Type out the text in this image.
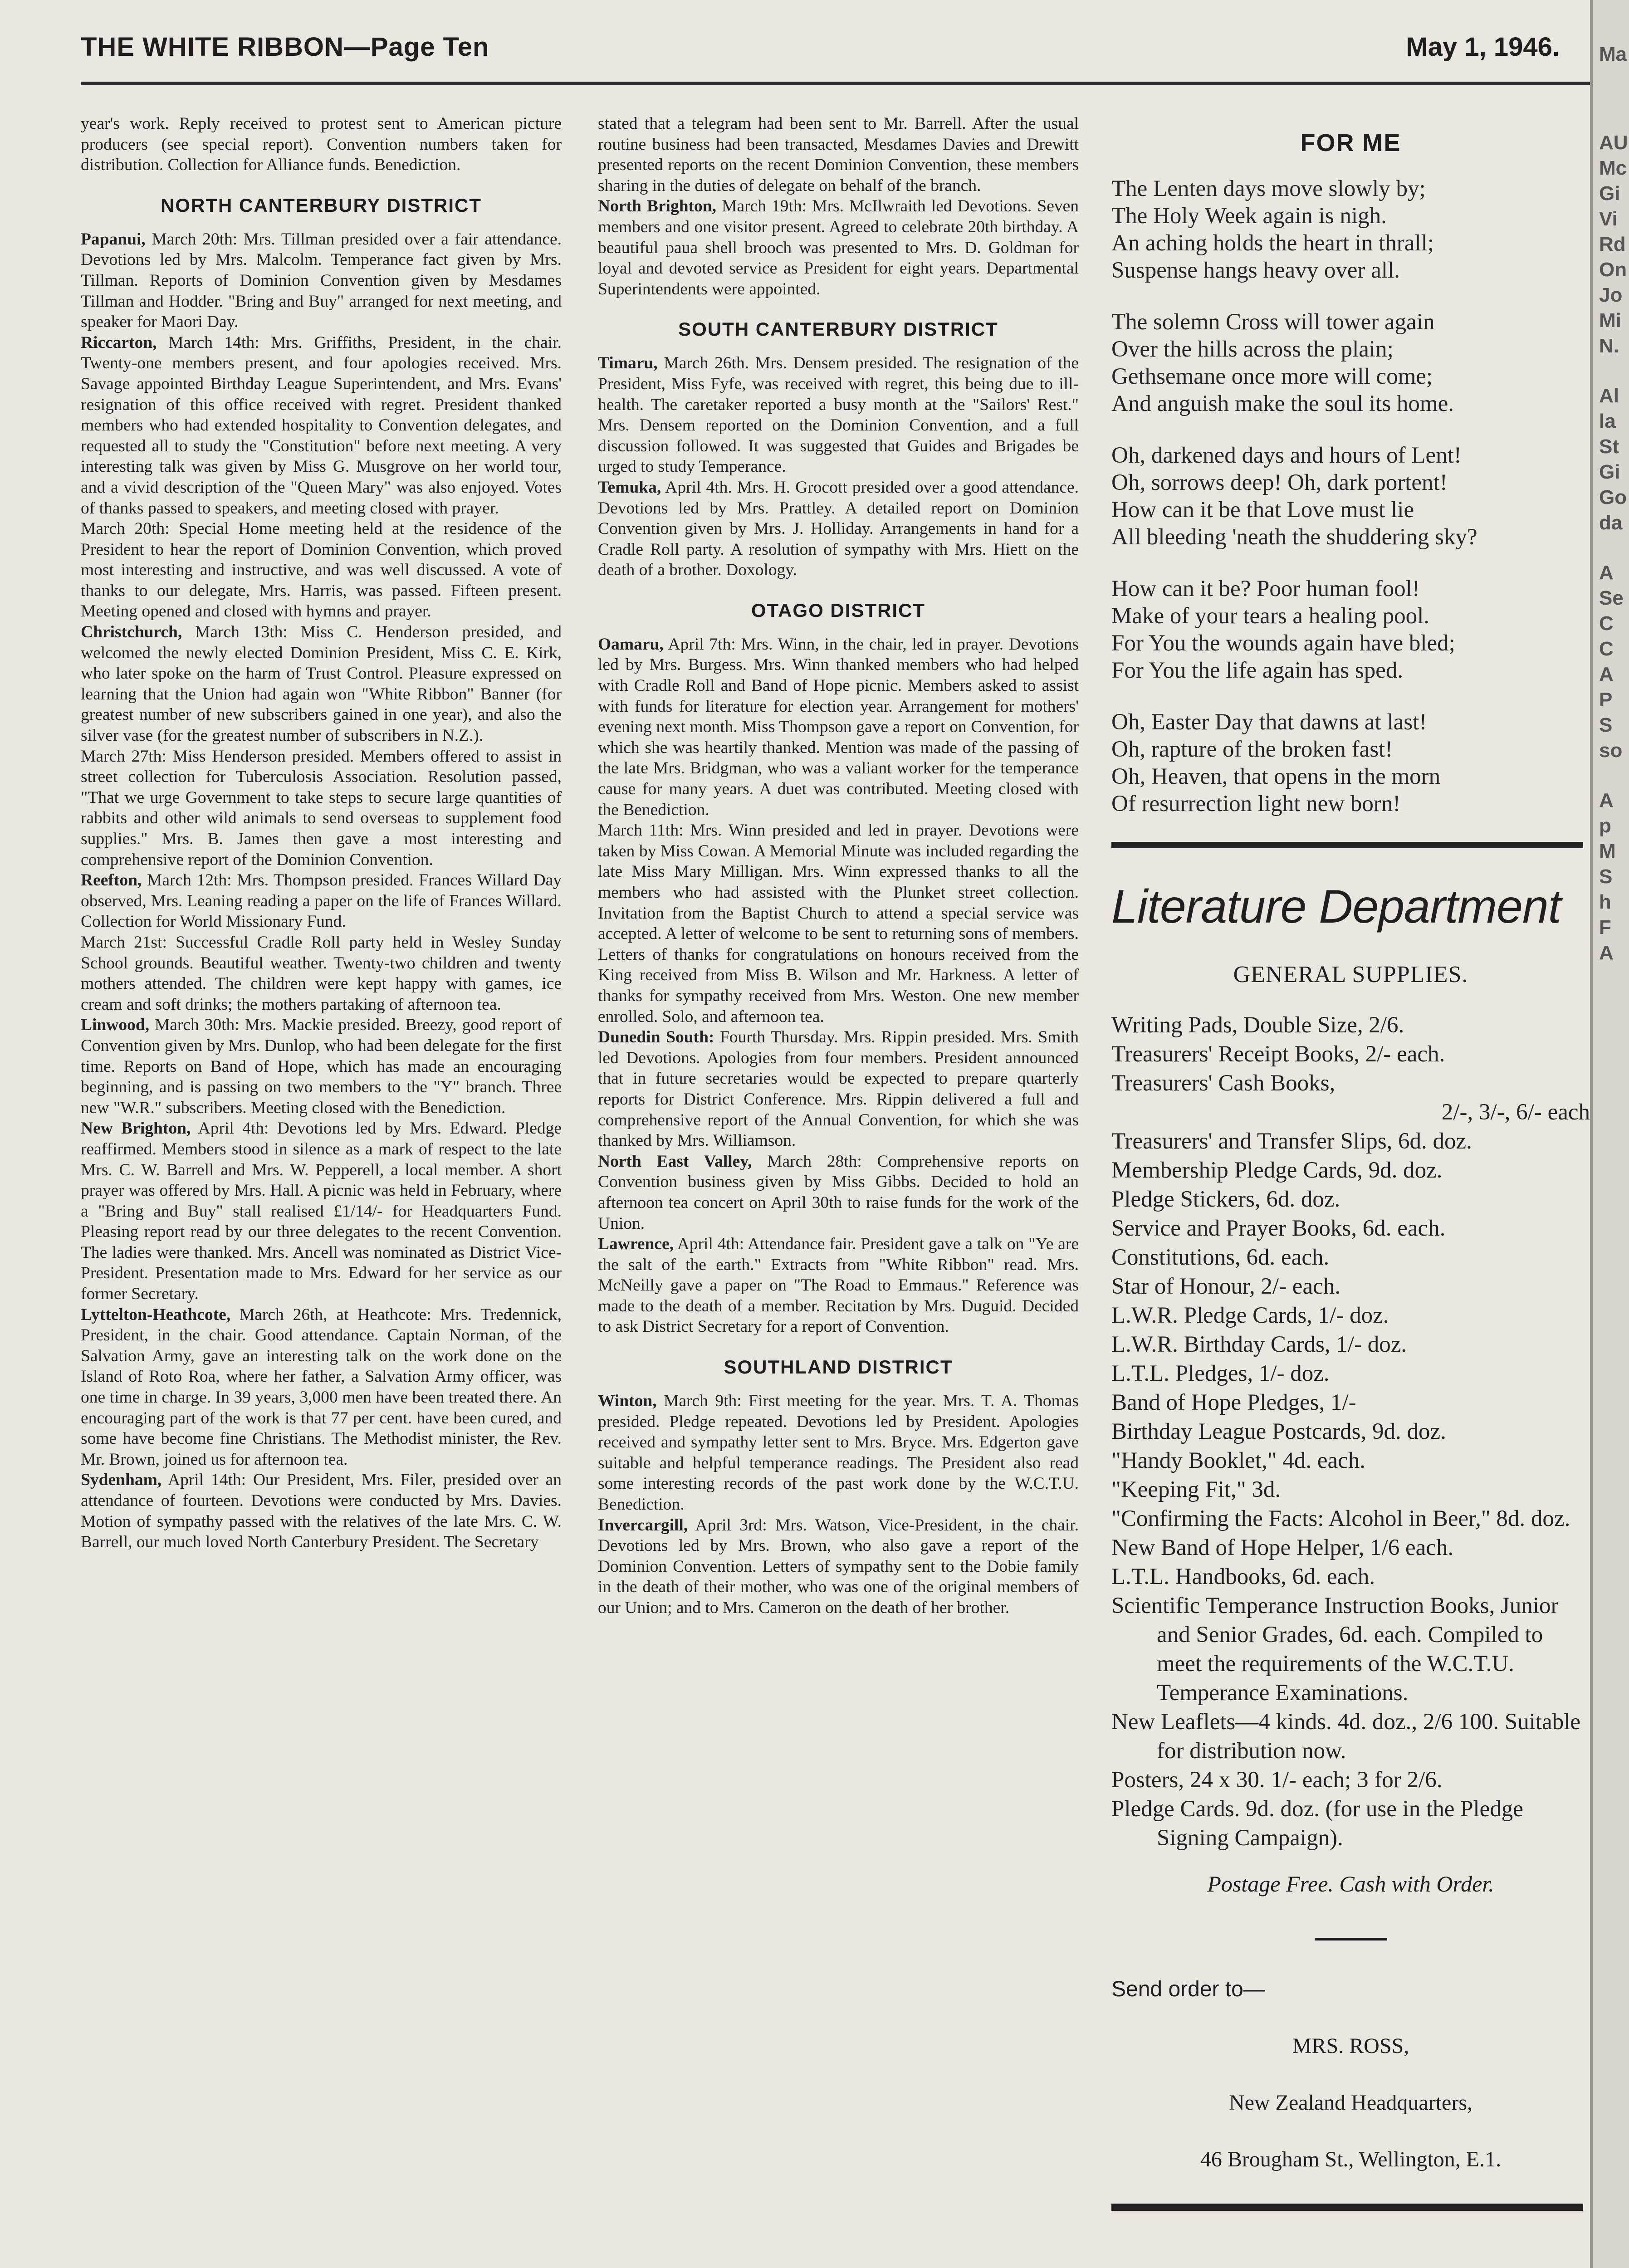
THE WHITE RIBBON—Page Ten	May 1, 1946.
year's work. Reply received to protest sent to American picture producers (see special report). Convention numbers taken for distribution. Collection for Alliance funds. Benediction.
NORTH CANTERBURY DISTRICT
Papanui, March 20th: Mrs. Tillman presided over a fair attendance. Devotions led by Mrs. Malcolm. Temperance fact given by Mrs. Tillman. Reports of Dominion Convention given by Mesdames Tillman and Hodder. "Bring and Buy" arranged for next meeting, and speaker for Maori Day.
Riccarton, March 14th: Mrs. Griffiths, President, in the chair. Twenty-one members present, and four apologies received. Mrs. Savage appointed Birthday League Superintendent, and Mrs. Evans' resignation of this office received with regret. President thanked members who had extended hospitality to Convention delegates, and requested all to study the "Constitution" before next meeting. A very interesting talk was given by Miss G. Musgrove on her world tour, and a vivid description of the "Queen Mary" was also enjoyed. Votes of thanks passed to speakers, and meeting closed with prayer.
March 20th: Special Home meeting held at the residence of the President to hear the report of Dominion Convention, which proved most interesting and instructive, and was well discussed. A vote of thanks to our delegate, Mrs. Harris, was passed. Fifteen present. Meeting opened and closed with hymns and prayer.
Christchurch, March 13th: Miss C. Henderson presided, and welcomed the newly elected Dominion President, Miss C. E. Kirk, who later spoke on the harm of Trust Control. Pleasure expressed on learning that the Union had again won "White Ribbon" Banner (for greatest number of new subscribers gained in one year), and also the silver vase (for the greatest number of subscribers in N.Z.).
March 27th: Miss Henderson presided. Members offered to assist in street collection for Tuberculosis Association. Resolution passed, "That we urge Government to take steps to secure large quantities of rabbits and other wild animals to send overseas to supplement food supplies." Mrs. B. James then gave a most interesting and comprehensive report of the Dominion Convention.
Reefton, March 12th: Mrs. Thompson presided. Frances Willard Day observed, Mrs. Leaning reading a paper on the life of Frances Willard. Collection for World Missionary Fund.
March 21st: Successful Cradle Roll party held in Wesley Sunday School grounds. Beautiful weather. Twenty-two children and twenty mothers attended. The children were kept happy with games, ice cream and soft drinks; the mothers partaking of afternoon tea.
Linwood, March 30th: Mrs. Mackie presided. Breezy, good report of Convention given by Mrs. Dunlop, who had been delegate for the first time. Reports on Band of Hope, which has made an encouraging beginning, and is passing on two members to the "Y" branch. Three new "W.R." subscribers. Meeting closed with the Benediction.
New Brighton, April 4th: Devotions led by Mrs. Edward. Pledge reaffirmed. Members stood in silence as a mark of respect to the late Mrs. C. W. Barrell and Mrs. W. Pepperell, a local member. A short prayer was offered by Mrs. Hall. A picnic was held in February, where a "Bring and Buy" stall realised £1/14/- for Headquarters Fund. Pleasing report read by our three delegates to the recent Convention. The ladies were thanked. Mrs. Ancell was nominated as District Vice-President. Presentation made to Mrs. Edward for her service as our former Secretary.
Lyttelton-Heathcote, March 26th, at Heathcote: Mrs. Tredennick, President, in the chair. Good attendance. Captain Norman, of the Salvation Army, gave an interesting talk on the work done on the Island of Roto Roa, where her father, a Salvation Army officer, was one time in charge. In 39 years, 3,000 men have been treated there. An encouraging part of the work is that 77 per cent. have been cured, and some have become fine Christians. The Methodist minister, the Rev. Mr. Brown, joined us for afternoon tea.
Sydenham, April 14th: Our President, Mrs. Filer, presided over an attendance of fourteen. Devotions were conducted by Mrs. Davies. Motion of sympathy passed with the relatives of the late Mrs. C. W. Barrell, our much loved North Canterbury President. The Secretary
stated that a telegram had been sent to Mr. Barrell. After the usual routine business had been transacted, Mesdames Davies and Drewitt presented reports on the recent Dominion Convention, these members sharing in the duties of delegate on behalf of the branch.
North Brighton, March 19th: Mrs. McIlwraith led Devotions. Seven members and one visitor present. Agreed to celebrate 20th birthday. A beautiful paua shell brooch was presented to Mrs. D. Goldman for loyal and devoted service as President for eight years. Departmental Superintendents were appointed.
SOUTH CANTERBURY DISTRICT
Timaru, March 26th. Mrs. Densem presided. The resignation of the President, Miss Fyfe, was received with regret, this being due to ill-health. The caretaker reported a busy month at the "Sailors' Rest." Mrs. Densem reported on the Dominion Convention, and a full discussion followed. It was suggested that Guides and Brigades be urged to study Temperance.
Temuka, April 4th. Mrs. H. Grocott presided over a good attendance. Devotions led by Mrs. Prattley. A detailed report on Dominion Convention given by Mrs. J. Holliday. Arrangements in hand for a Cradle Roll party. A resolution of sympathy with Mrs. Hiett on the death of a brother. Doxology.
OTAGO DISTRICT
Oamaru, April 7th: Mrs. Winn, in the chair, led in prayer. Devotions led by Mrs. Burgess. Mrs. Winn thanked members who had helped with Cradle Roll and Band of Hope picnic. Members asked to assist with funds for literature for election year. Arrangement for mothers' evening next month. Miss Thompson gave a report on Convention, for which she was heartily thanked. Mention was made of the passing of the late Mrs. Bridgman, who was a valiant worker for the temperance cause for many years. A duet was contributed. Meeting closed with the Benediction.
March 11th: Mrs. Winn presided and led in prayer. Devotions were taken by Miss Cowan. A Memorial Minute was included regarding the late Miss Mary Milligan. Mrs. Winn expressed thanks to all the members who had assisted with the Plunket street collection. Invitation from the Baptist Church to attend a special service was accepted. A letter of welcome to be sent to returning sons of members. Letters of thanks for congratulations on honours received from the King received from Miss B. Wilson and Mr. Harkness. A letter of thanks for sympathy received from Mrs. Weston. One new member enrolled. Solo, and afternoon tea.
Dunedin South: Fourth Thursday. Mrs. Rippin presided. Mrs. Smith led Devotions. Apologies from four members. President announced that in future secretaries would be expected to prepare quarterly reports for District Conference. Mrs. Rippin delivered a full and comprehensive report of the Annual Convention, for which she was thanked by Mrs. Williamson.
North East Valley, March 28th: Comprehensive reports on Convention business given by Miss Gibbs. Decided to hold an afternoon tea concert on April 30th to raise funds for the work of the Union.
Lawrence, April 4th: Attendance fair. President gave a talk on "Ye are the salt of the earth." Extracts from "White Ribbon" read. Mrs. McNeilly gave a paper on "The Road to Emmaus." Reference was made to the death of a member. Recitation by Mrs. Duguid. Decided to ask District Secretary for a report of Convention.
SOUTHLAND DISTRICT
Winton, March 9th: First meeting for the year. Mrs. T. A. Thomas presided. Pledge repeated. Devotions led by President. Apologies received and sympathy letter sent to Mrs. Bryce. Mrs. Edgerton gave suitable and helpful temperance readings. The President also read some interesting records of the past work done by the W.C.T.U. Benediction.
Invercargill, April 3rd: Mrs. Watson, Vice-President, in the chair. Devotions led by Mrs. Brown, who also gave a report of the Dominion Convention. Letters of sympathy sent to the Dobie family in the death of their mother, who was one of the original members of our Union; and to Mrs. Cameron on the death of her brother.
FOR ME
The Lenten days move slowly by;
The Holy Week again is nigh.
An aching holds the heart in thrall;
Suspense hangs heavy over all.
The solemn Cross will tower again
Over the hills across the plain;
Gethsemane once more will come;
And anguish make the soul its home.
Oh, darkened days and hours of Lent!
Oh, sorrows deep! Oh, dark portent!
How can it be that Love must lie
All bleeding 'neath the shuddering sky?
How can it be? Poor human fool!
Make of your tears a healing pool.
For You the wounds again have bled;
For You the life again has sped.
Oh, Easter Day that dawns at last!
Oh, rapture of the broken fast!
Oh, Heaven, that opens in the morn
Of resurrection light new born!
Literature Department
GENERAL SUPPLIES.
Writing Pads, Double Size, 2/6.
Treasurers' Receipt Books, 2/- each.
Treasurers' Cash Books,
2/-, 3/-, 6/- each
Treasurers' and Transfer Slips, 6d. doz.
Membership Pledge Cards, 9d. doz.
Pledge Stickers, 6d. doz.
Service and Prayer Books, 6d. each.
Constitutions, 6d. each.
Star of Honour, 2/- each.
L.W.R. Pledge Cards, 1/- doz.
L.W.R. Birthday Cards, 1/- doz.
L.T.L. Pledges, 1/- doz.
Band of Hope Pledges, 1/-
Birthday League Postcards, 9d. doz.
"Handy Booklet," 4d. each.
"Keeping Fit," 3d.
"Confirming the Facts: Alcohol in Beer," 8d. doz.
New Band of Hope Helper, 1/6 each.
L.T.L. Handbooks, 6d. each.
Scientific Temperance Instruction Books, Junior and Senior Grades, 6d. each. Compiled to meet the requirements of the W.C.T.U. Temperance Examinations.
New Leaflets—4 kinds. 4d. doz., 2/6 100. Suitable for distribution now.
Posters, 24 x 30. 1/- each; 3 for 2/6.
Pledge Cards. 9d. doz. (for use in the Pledge Signing Campaign).
Postage Free. Cash with Order.
Send order to—
MRS. ROSS,
New Zealand Headquarters,
46 Brougham St., Wellington, E.1.
Ma
AU
Mc
Gi
Vi
Rd
On
Jo
Mi
N.
Al
la
St
Gi
Go
da
A
Se
C
C
A
P
S
so
A
p
M
S
h
F
A
